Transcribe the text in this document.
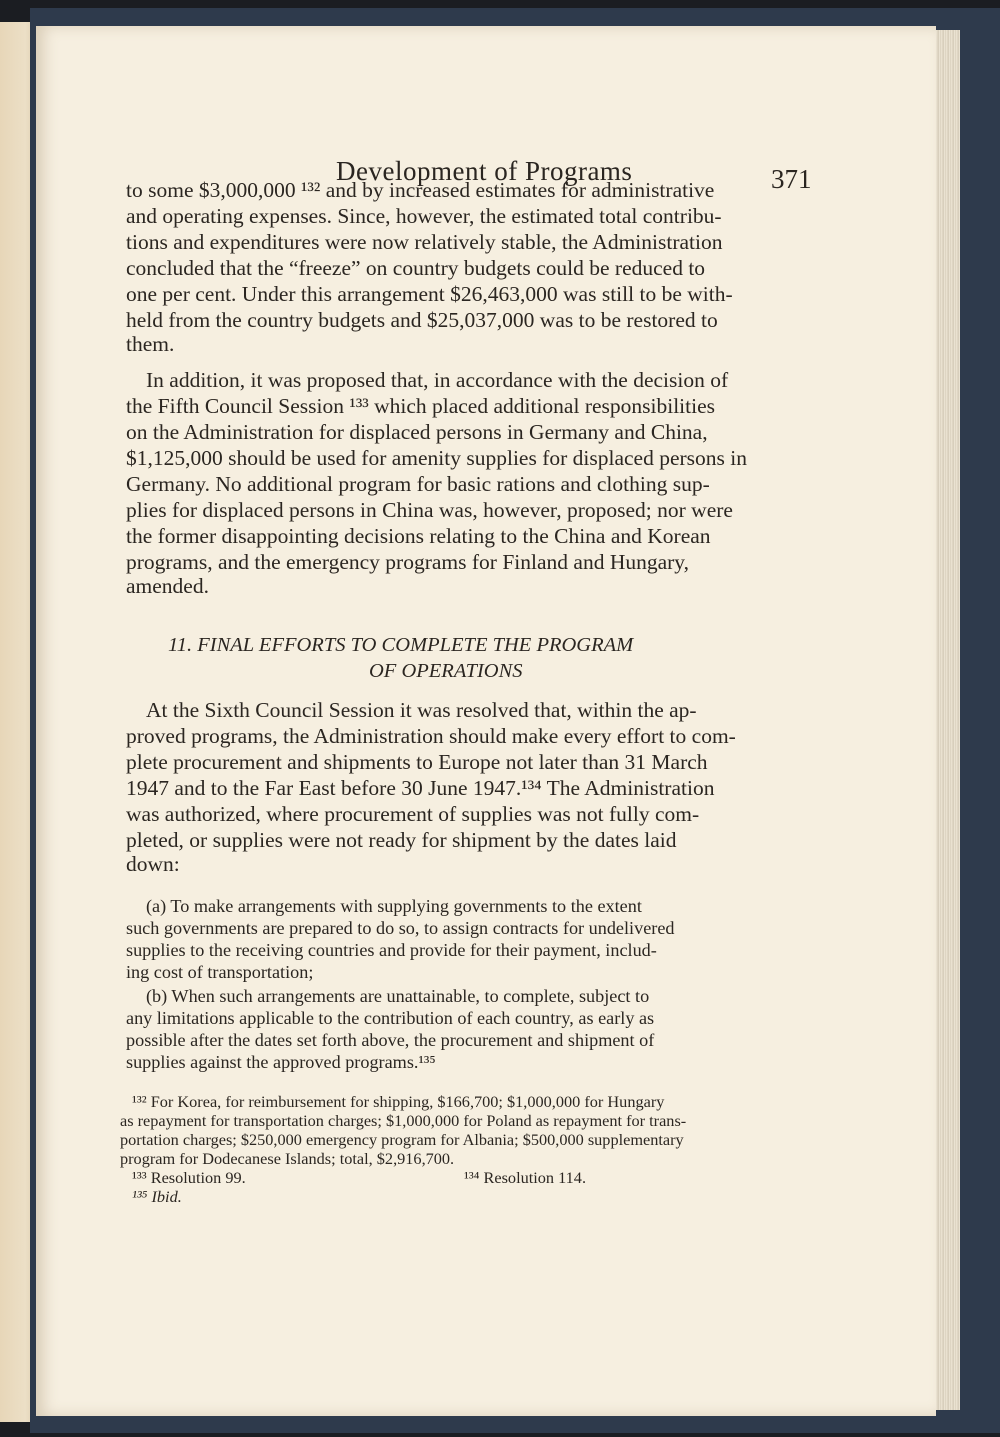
Development of Programs	371
to some $3,000,000 ¹³² and by increased estimates for administrative
and operating expenses. Since, however, the estimated total contribu-
tions and expenditures were now relatively stable, the Administration
concluded that the “freeze” on country budgets could be reduced to
one per cent. Under this arrangement $26,463,000 was still to be with-
held from the country budgets and $25,037,000 was to be restored to
them.
In addition, it was proposed that, in accordance with the decision of
the Fifth Council Session ¹³³ which placed additional responsibilities
on the Administration for displaced persons in Germany and China,
$1,125,000 should be used for amenity supplies for displaced persons in
Germany. No additional program for basic rations and clothing sup-
plies for displaced persons in China was, however, proposed; nor were
the former disappointing decisions relating to the China and Korean
programs, and the emergency programs for Finland and Hungary,
amended.
11. FINAL EFFORTS TO COMPLETE THE PROGRAM
OF OPERATIONS
At the Sixth Council Session it was resolved that, within the ap-
proved programs, the Administration should make every effort to com-
plete procurement and shipments to Europe not later than 31 March
1947 and to the Far East before 30 June 1947.¹³⁴ The Administration
was authorized, where procurement of supplies was not fully com-
pleted, or supplies were not ready for shipment by the dates laid
down:
(a) To make arrangements with supplying governments to the extent
such governments are prepared to do so, to assign contracts for undelivered
supplies to the receiving countries and provide for their payment, includ-
ing cost of transportation;
(b) When such arrangements are unattainable, to complete, subject to
any limitations applicable to the contribution of each country, as early as
possible after the dates set forth above, the procurement and shipment of
supplies against the approved programs.¹³⁵
¹³² For Korea, for reimbursement for shipping, $166,700; $1,000,000 for Hungary
as repayment for transportation charges; $1,000,000 for Poland as repayment for trans-
portation charges; $250,000 emergency program for Albania; $500,000 supplementary
program for Dodecanese Islands; total, $2,916,700.
¹³³ Resolution 99.	¹³⁴ Resolution 114.
¹³⁵ Ibid.
